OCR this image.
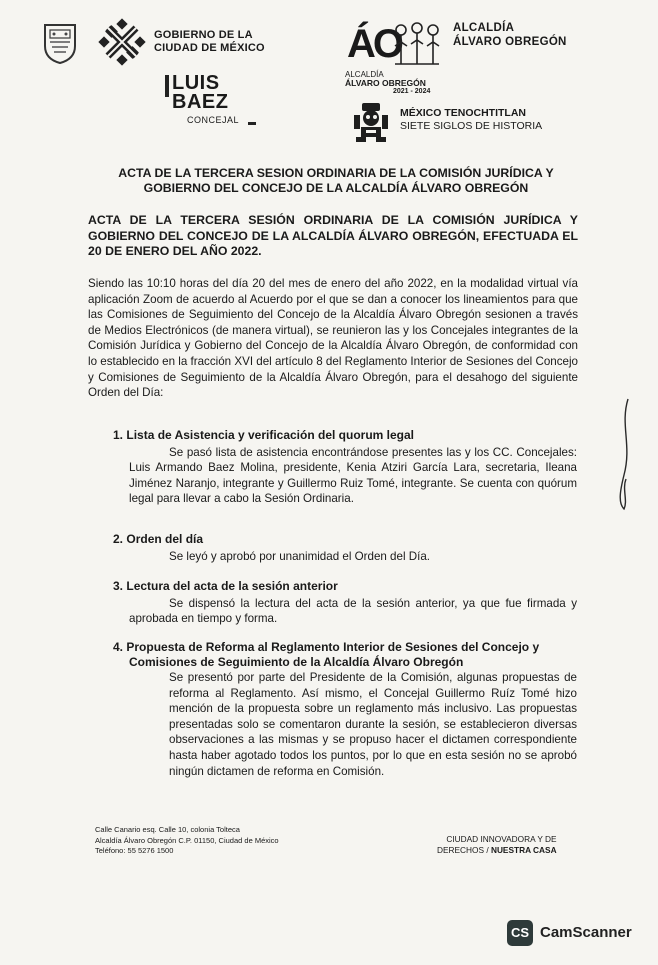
GOBIERNO DE LA
CIUDAD DE MÉXICO ÁO	ALCALDÍA
ÁLVARO OBREGÓN
ALCALDÍA
ÁLVARO OBREGÓN
2021 - 2024
LUIS
BAEZ
CONCEJAL
MÉXICO TENOCHTITLAN
SIETE SIGLOS DE HISTORIA
ACTA DE LA TERCERA SESION ORDINARIA DE LA COMISIÓN JURÍDICA Y GOBIERNO DEL CONCEJO DE LA ALCALDÍA ÁLVARO OBREGÓN
ACTA DE LA TERCERA SESIÓN ORDINARIA DE LA COMISIÓN JURÍDICA Y GOBIERNO DEL CONCEJO DE LA ALCALDÍA ÁLVARO OBREGÓN, EFECTUADA EL 20 DE ENERO DEL AÑO 2022.
Siendo las 10:10 horas del día 20 del mes de enero del año 2022, en la modalidad virtual vía aplicación Zoom de acuerdo al Acuerdo por el que se dan a conocer los lineamientos para que las Comisiones de Seguimiento del Concejo de la Alcaldía Álvaro Obregón sesionen a través de Medios Electrónicos (de manera virtual), se reunieron las y los Concejales integrantes de la Comisión Jurídica y Gobierno del Concejo de la Alcaldía Álvaro Obregón, de conformidad con lo establecido en la fracción XVI del artículo 8 del Reglamento Interior de Sesiones del Concejo y Comisiones de Seguimiento de la Alcaldía Álvaro Obregón, para el desahogo del siguiente Orden del Día:
1. Lista de Asistencia y verificación del quorum legal
Se pasó lista de asistencia encontrándose presentes las y los CC. Concejales: Luis Armando Baez Molina, presidente, Kenia Atziri García Lara, secretaria, Ileana Jiménez Naranjo, integrante y Guillermo Ruiz Tomé, integrante. Se cuenta con quórum legal para llevar a cabo la Sesión Ordinaria.
2. Orden del día
Se leyó y aprobó por unanimidad el Orden del Día.
3. Lectura del acta de la sesión anterior
Se dispensó la lectura del acta de la sesión anterior, ya que fue firmada y aprobada en tiempo y forma.
4. Propuesta de Reforma al Reglamento Interior de Sesiones del Concejo y Comisiones de Seguimiento de la Alcaldía Álvaro Obregón
Se presentó por parte del Presidente de la Comisión, algunas propuestas de reforma al Reglamento. Así mismo, el Concejal Guillermo Ruíz Tomé hizo mención de la propuesta sobre un reglamento más inclusivo. Las propuestas presentadas solo se comentaron durante la sesión, se establecieron diversas observaciones a las mismas y se propuso hacer el dictamen correspondiente hasta haber agotado todos los puntos, por lo que en esta sesión no se aprobó ningún dictamen de reforma en Comisión.
Calle Canario esq. Calle 10, colonia Tolteca
Alcaldía Álvaro Obregón C.P. 01150, Ciudad de México
Teléfono: 55 5276 1500
CIUDAD INNOVADORA Y DE
DERECHOS / NUESTRA CASA
CS CamScanner
